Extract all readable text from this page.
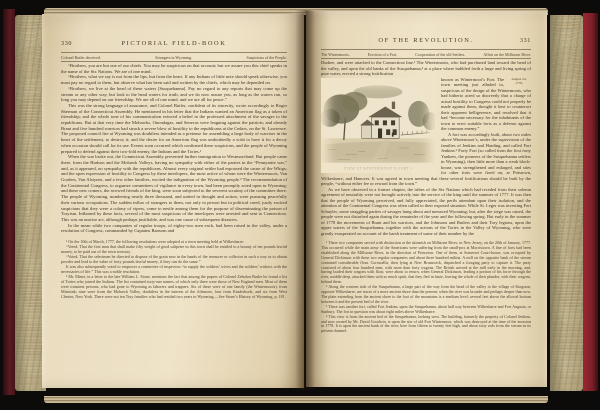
330	PICTORIAL FIELD-BOOK
Colonel Butler deceived.	Strangers in Wyoming.	Suspicions of the People.

“Brothers, you are but one of our chiefs. You may be suspicious on that account; but we assure you this chief speaks in the name of the Six Nations. We are of one mind.

“Brothers, what we say is not from the lips, but from the heart. If any Indians of little note should speak otherwise, you must pay no regard to them, but observe what has been said and written by the chiefs, which may be depended on.

“Brothers, we live at the head of these waters [Susquehanna]. Pay no regard to any reports that may come up the stream or any other way, but look to the head waters for truth; and we do now assure you, as long as the waters run, so long you may depend on our friendship. We are all of one mind, and we are all for peace.”

This was the strong language of assurance, and Colonel Butler, confident of its sincerity, wrote accordingly to Roger Sherman of the Connecticut Assembly. He mentioned in his letter that the Indians wanted an American flag as a token of friendship; and the whole tone of his communication evinced a belief in the professed attachment of the savages to the republicans. But at that very time the Mohawks, Onondagas, and Senecas were leaguing against the patriots; and already Brant and five hundred warriors had struck a severe blow of hostility to the republicans at the Cedars, on the St. Lawrence. The proposed council fire at Wyoming was doubtless intended as a pretense for assembling a large body of warriors in the heart of the settlement, to destroy it; and the desire for an American flag was undoubtedly a wish to have it for a decoy when occasion should call for its use. Events soon occurred which confirmed these suspicions, and the people of Wyoming prepared to defend against their two-fold enemy, the Indians and the Tories.¹

When the war broke out, the Connecticut Assembly prevented further immigration to Westmoreland. But people came there, from the Hudson and the Mohawk Valleys, having no sympathy with either of the parties in the “Pennymite war,” and, as it appeared, no sympathy with the republicans. Almost every original settler had espoused the cause of the Whigs; and the open expression of hostility to Congress by these interlopers, the most active of whom were the Wintermoots, Van Gorders, Van Alstynes, and a few other families, excited the indignation of the Wyoming people.² The recommendation of the Continental Congress, to organize committees of vigilance in every town, had been promptly acted upon in Wyoming; and these new comers, the avowed friends of the king, were soon subjected to the severest scrutiny of the committee there. The people of Wyoming, numbering nearly three thousand, and united in thought and action, were pursuing peacefully their various occupations. The sudden influx of strangers to them, not only in person but in political creed, justly excited suspicions that they were a colony of vipers, come to nestle among them for the purpose of disseminating the poison of Toryism. Inflamed by these facts, several of the most suspicious of the interlopers were arrested and sent to Connecticut. This was an unwise act, although perhaps justifiable, and was one cause of subsequent disasters.

In the mean while two companies of regular troops, of eighty-two men each, had been raised in the valley, under a resolution of Congress, commanded by Captains Ransom and

¹ On the 10th of March, 1777, the following resolutions were adopted at a town meeting held at Wilkesbarre:

“Voted, That the first man that shall make fifty weight of good saltpetre in this town shall be entitled to a bounty of ten pounds lawful money, to be paid out of the town treasury.

“Voted, That the selectmen be directed to dispose of the grain now in the hands of the treasurer or collector in such a way as to obtain powder and lead to the value of forty pounds lawful money, if they can do the same.”

It was also subsequently voted to empower a committee of inspectors “to supply the soldiers’ wives and the soldiers’ widows with the necessaries of life.” This was a noble resolution.

² Mr. Miner, in a letter to the late William L. Stone, mentions the fact that among the papers of Colonel Zebulon Butler he found a list of Tories who joined the Indians. The list contained sixty-one names, of which only three were those of New England men. Most of them were transient persons, who had gone to Wyoming as laborers and trappers. Six of these were of one family (the Wintermoots), from Minisink; nine were from the Mohawk Valley, doubtless in the interest of the Johnsons, four from Kinderhook, and six from West Chester, New York. There were not ten Tory families who had resided two years in Wyoming.—See Stone’s History of Wyoming, p. 181.

OF THE REVOLUTION.	331
The Wintermoots.	Erection of a Fort.	Cooperation of the old Settlers.	Affair on the Millstone River.

Durkee, and were attached to the Connecticut line.¹ The Wintermoots, who had purchased land toward the head of the valley, and upon the old banks of the Susquehanna,² at a place where bubbled forth a large and living spring of pure water, erected a strong fortification

VIEW AT WINTERMOOT’S FORT.⁴
August 24,
1776.

known as Wintermoot’s Fort. The town meeting just alluded to, suspicious of the design of the Wintermoots, who had hitherto acted so discreetly that a charge of actual hostility to Congress could not properly be made against them, thought it best to counteract their apparent belligerence, and resolved that it had “become necessary for the inhabitants of the town to erect suitable forts as a defense against the common enemy.”

A fort was accordingly built, about two miles above Wintermoot’s, under the supervision of the families of Jenkins and Harding, and called Fort Jenkins.³ Forty Fort (so called from the first forty Yankees, the pioneers of the Susquehanna settlers in Wyoming), then little more than a weak block-house, was strengthened and enlarged, and sites for other forts were fixed on, at Pittstown, Wilkesbarre, and Hanover. It was agreed in town meeting that these several fortifications should be built by the people, “without either fee or reward from the town.”

As we have observed in a former chapter, the tribes of the Six Nations which had receded from their solemn agreement of neutrality were not brought actively into the service of the king until the summer of 1777. It was then that the people of Wyoming perceived, and fully appreciated, the perils attendant upon their isolation, and the attention of the Continental Congress was often called to their exposed situation. While St. Leger was investing Fort Schuyler, some straggling parties of savages hung about and menaced Wyoming; but, after the siege was raised, the people were not disturbed again during the remainder of the year and the following spring. But early in the summer of 1778 the movements of Brant and his warriors, and the Johnsons and Butlers and their Tory legions, upon the upper waters of the Susquehanna, together with the actions of the Tories in the Valley of Wyoming, who were greatly exasperated on account of the harsh treatment of some of their number by the

¹ These two companies served with distinction at the skirmish on Millstone River, in New Jersey, on the 20th of January, 1777. This occurred while the main army of the Americans were suffering from the small-pox at Morristown. A line of forts had been established along the Millstone River, in the direction of Princeton. One of them, at Somerset Court-house, was occupied by General Dickinson with these two regular companies and about three hundred militia. A mill on the opposite bank of the stream contained considerable flour. Cornwallis, then lying at New Brunswick, dispatched a foraging party to capture it. The party consisted of about four hundred men, with more than forty wagons. The British arrived at the mill early in the morning, and, having loaded their wagons with flour, were about to return, when General Dickinson, leading a portion of his force through the river, middle deep, attacked them with so much spirit, that they fled in haste, leaving the whole of their plunder, with their wagons, behind them.

² Along the western side of the Susquehanna, a large part of the way from the head of the valley to the village of Kingston, opposite Wilkesbarre, are traces of a more ancient shore than the present, when the river was broader and perhaps deeper than now. The plain extending from the ancient shore to the foot of the mountains is a medium level, several feet above the alluvial bottom between it and the present bed of the river.

³ There was another fort, called Fort Jenkins, upon the Susquehanna, about half way between Wilkesbarre and Fort Augusta, or Sunbury. The fort in question was about eight miles above Wilkesbarre.

⁴ This view is from the ancient bed of the Susquehanna, looking west. The building, formerly the property of Colonel Jenkins, and now owned by Mr. David Goodwin, is upon the site of old Fort Wintermoot, which was destroyed at the time of the invasion in 1778. It is upon the ancient bank of the river, here from fifteen to twenty feet high, and about sixty rods from the stream in its present channel.
